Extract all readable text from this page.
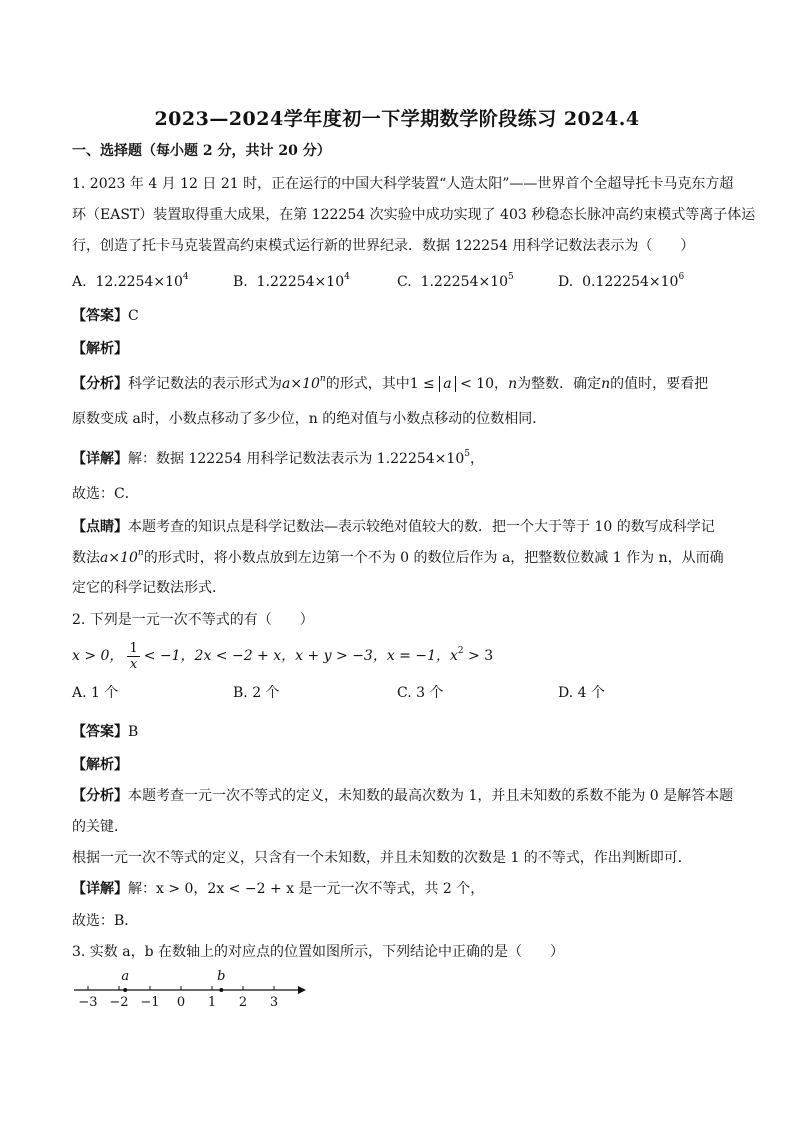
2023—2024学年度初一下学期数学阶段练习 2024.4
一、选择题（每小题 2 分，共计 20 分）
1. 2023 年 4 月 12 日 21 时，正在运行的中国大科学装置“人造太阳”——世界首个全超导托卡马克东方超
环（EAST）装置取得重大成果，在第 122254 次实验中成功实现了 403 秒稳态长脉冲高约束模式等离子体运
行，创造了托卡马克装置高约束模式运行新的世界纪录．数据 122254 用科学记数法表示为（　　）
A. $12.2254\times 10^4$	B. $1.22254\times 10^4$	C. $1.22254\times 10^5$	D. $0.122254\times 10^6$
【答案】C
【解析】
【分析】科学记数法的表示形式为$a\times 10^n$的形式，其中1 ≤ a < 10，n为整数．确定n的值时，要看把
原数变成 a时，小数点移动了多少位，n 的绝对值与小数点移动的位数相同．
【详解】解：数据 122254 用科学记数法表示为 $1.22254\times 10^5$，
故选：C．
【点睛】本题考查的知识点是科学记数法—表示较绝对值较大的数．把一个大于等于 10 的数写成科学记
数法$a\times 10^n$的形式时，将小数点放到左边第一个不为 0 的数位后作为 a，把整数位数减 1 作为 n，从而确
定它的科学记数法形式．
2. 下列是一元一次不等式的有（　　）
x > 0， $\frac{1}{x} < -1$，2x < −2 + x，x + y > −3，x = −1，$x^2 > 3$
A. 1 个	B. 2 个	C. 3 个	D. 4 个
【答案】B
【解析】
【分析】本题考查一元一次不等式的定义，未知数的最高次数为 1，并且未知数的系数不能为 0 是解答本题
的关键．
根据一元一次不等式的定义，只含有一个未知数，并且未知数的次数是 1 的不等式，作出判断即可．
【详解】解：x > 0，2x < −2 + x 是一元一次不等式，共 2 个，
故选：B．
3. 实数 a，b 在数轴上的对应点的位置如图所示，下列结论中正确的是（　　）
−3 −2 −1 0 1 2 3
a	b
